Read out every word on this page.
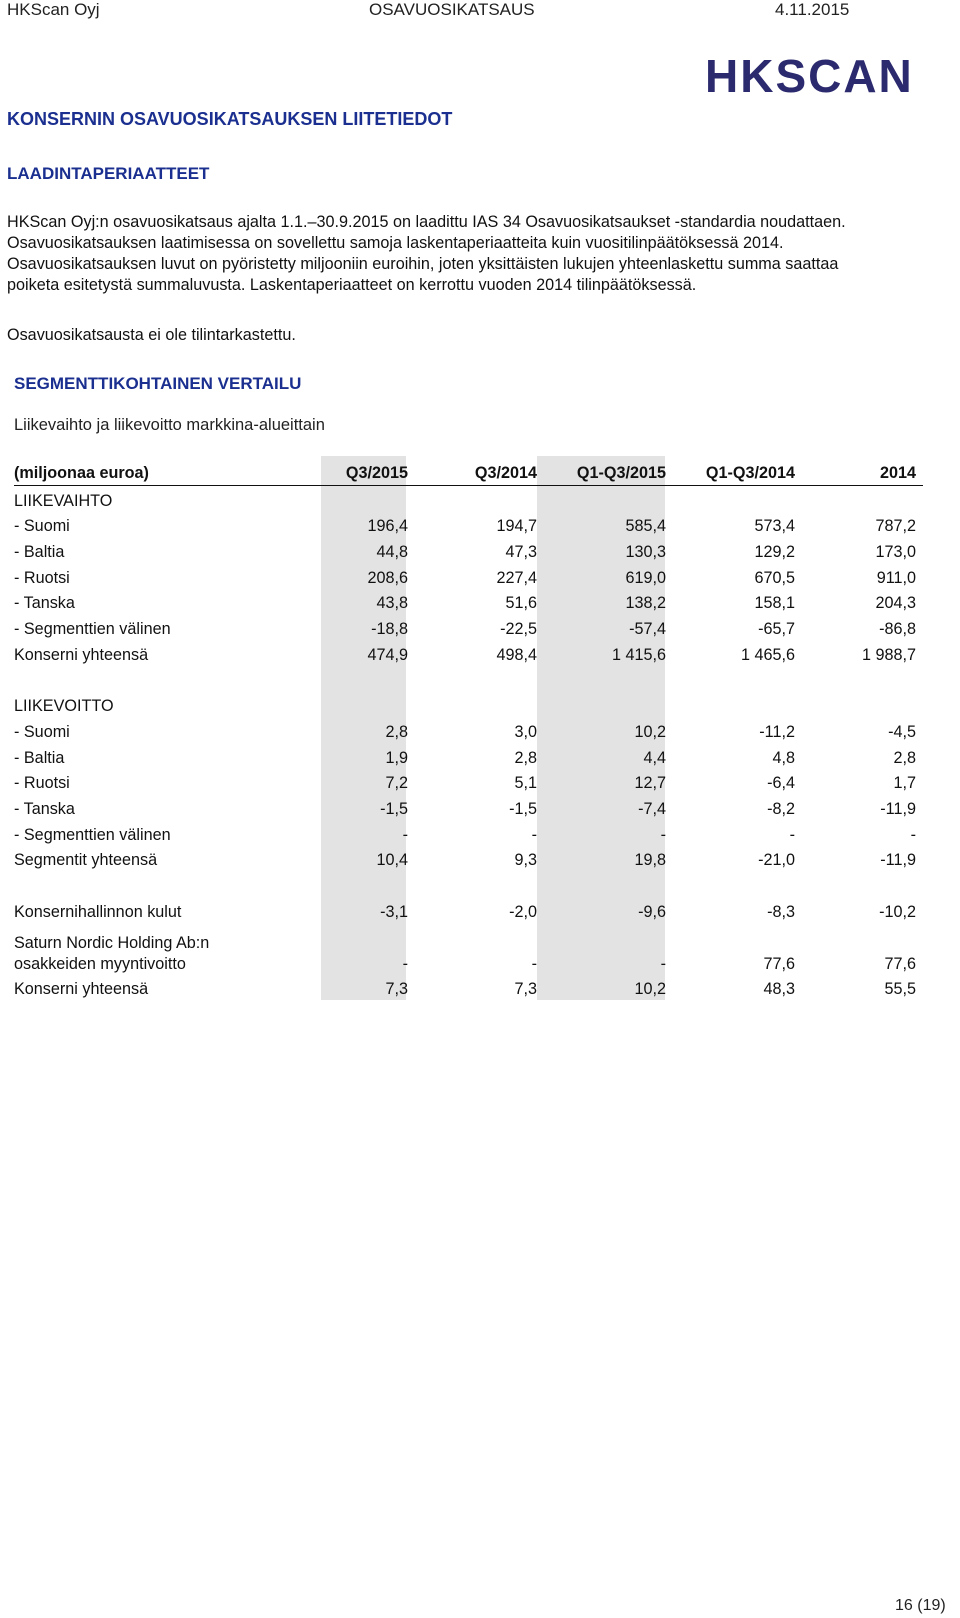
HKScan Oyj	OSAVUOSIKATSAUS	4.11.2015
HKSCAN
KONSERNIN OSAVUOSIKATSAUKSEN LIITETIEDOT
LAADINTAPERIAATTEET
HKScan Oyj:n osavuosikatsaus ajalta 1.1.–30.9.2015 on laadittu IAS 34 Osavuosikatsaukset -standardia noudattaen.
Osavuosikatsauksen laatimisessa on sovellettu samoja laskentaperiaatteita kuin vuositilinpäätöksessä 2014.
Osavuosikatsauksen luvut on pyöristetty miljooniin euroihin, joten yksittäisten lukujen yhteenlaskettu summa saattaa
poiketa esitetystä summaluvusta. Laskentaperiaatteet on kerrottu vuoden 2014 tilinpäätöksessä.
Osavuosikatsausta ei ole tilintarkastettu.
SEGMENTTIKOHTAINEN VERTAILU
Liikevaihto ja liikevoitto markkina-alueittain
(miljoonaa euroa)	Q3/2015	Q3/2014	Q1-Q3/2015	Q1-Q3/2014	2014
LIIKEVAIHTO					
- Suomi	196,4	194,7	585,4	573,4	787,2
- Baltia	44,8	47,3	130,3	129,2	173,0
- Ruotsi	208,6	227,4	619,0	670,5	911,0
- Tanska	43,8	51,6	138,2	158,1	204,3
- Segmenttien välinen	-18,8	-22,5	-57,4	-65,7	-86,8
Konserni yhteensä	474,9	498,4	1 415,6	1 465,6	1 988,7

LIIKEVOITTO					
- Suomi	2,8	3,0	10,2	-11,2	-4,5
- Baltia	1,9	2,8	4,4	4,8	2,8
- Ruotsi	7,2	5,1	12,7	-6,4	1,7
- Tanska	-1,5	-1,5	-7,4	-8,2	-11,9
- Segmenttien välinen	-	-	-	-	-
Segmentit yhteensä	10,4	9,3	19,8	-21,0	-11,9

Konsernihallinnon kulut	-3,1	-2,0	-9,6	-8,3	-10,2

Saturn Nordic Holding Ab:n
osakkeiden myyntivoitto	-	-	-	77,6	77,6
Konserni yhteensä	7,3	7,3	10,2	48,3	55,5
16 (19)
